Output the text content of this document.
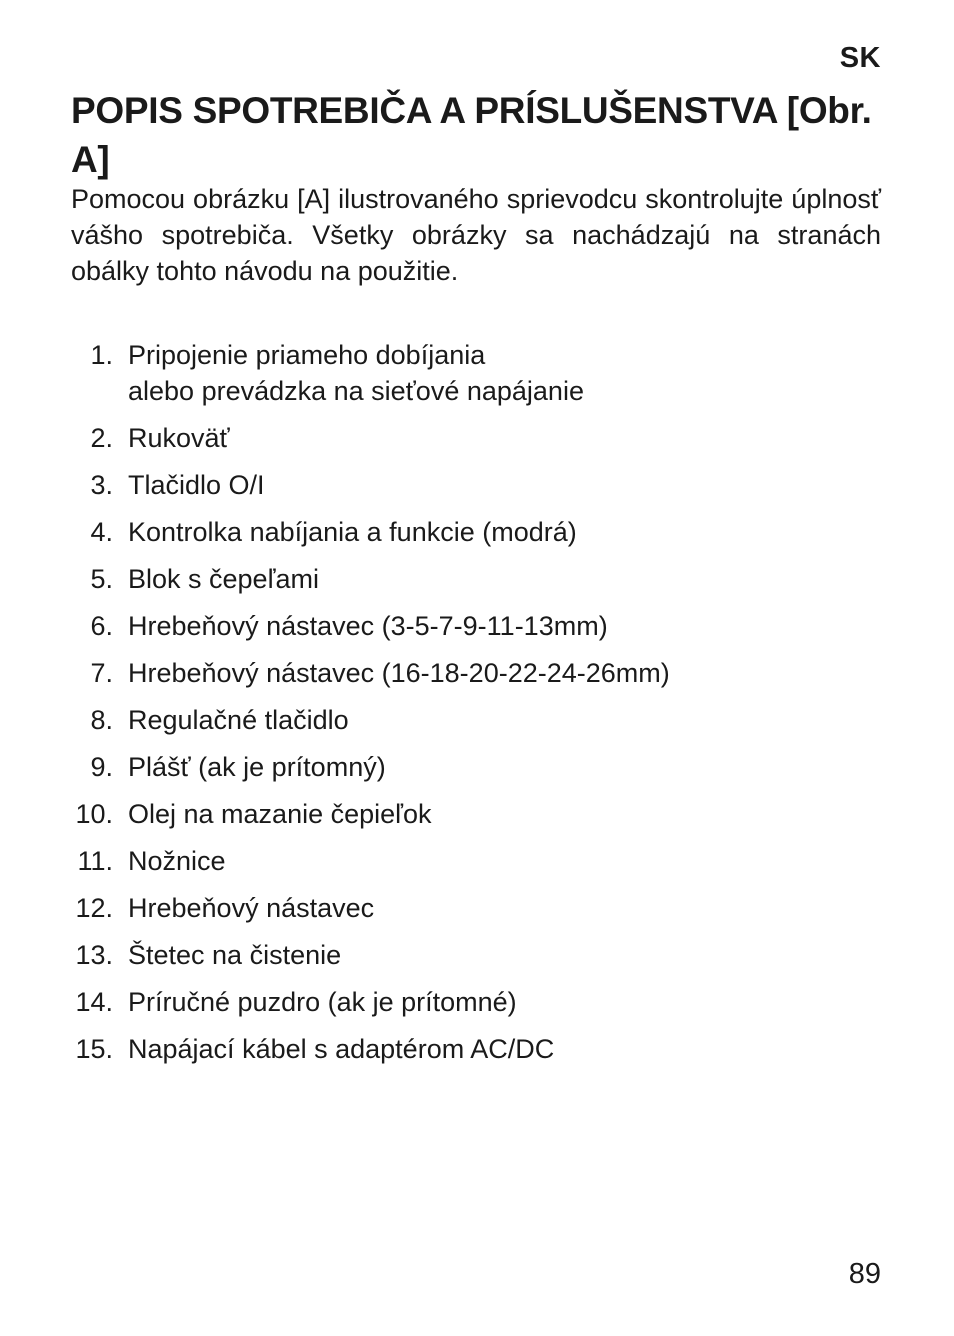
SK
POPIS SPOTREBIČA A PRÍSLUŠENSTVA [Obr. A]

Pomocou obrázku [A] ilustrovaného sprievodcu skontrolujte úplnosť vášho spotrebiča. Všetky obrázky sa nachádzajú na stranách obálky tohto návodu na použitie.

1. Pripojenie priameho dobíjania
alebo prevádzka na sieťové napájanie
2. Rukoväť
3. Tlačidlo O/I
4. Kontrolka nabíjania a funkcie (modrá)
5. Blok s čepeľami
6. Hrebeňový nástavec (3-5-7-9-11-13mm)
7. Hrebeňový nástavec (16-18-20-22-24-26mm)
8. Regulačné tlačidlo
9. Plášť (ak je prítomný)
10. Olej na mazanie čepieľok
11. Nožnice
12. Hrebeňový nástavec
13. Štetec na čistenie
14. Príručné puzdro (ak je prítomné)
15. Napájací kábel s adaptérom AC/DC
89
